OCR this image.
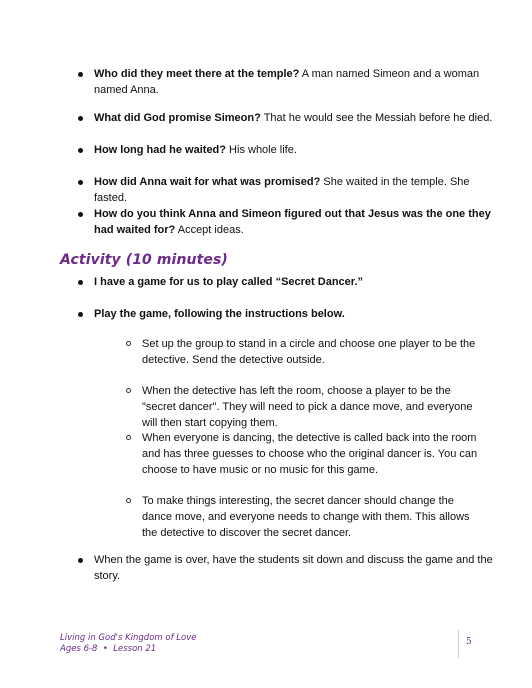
Who did they meet there at the temple? A man named Simeon and a woman named Anna.
What did God promise Simeon? That he would see the Messiah before he died.
How long had he waited? His whole life.
How did Anna wait for what was promised? She waited in the temple. She fasted.
How do you think Anna and Simeon figured out that Jesus was the one they had waited for? Accept ideas.
Activity (10 minutes)
I have a game for us to play called “Secret Dancer.”
Play the game, following the instructions below.
Set up the group to stand in a circle and choose one player to be the detective. Send the detective outside.
When the detective has left the room, choose a player to be the "secret dancer". They will need to pick a dance move, and everyone will then start copying them.
When everyone is dancing, the detective is called back into the room and has three guesses to choose who the original dancer is. You can choose to have music or no music for this game.
To make things interesting, the secret dancer should change the dance move, and everyone needs to change with them. This allows the detective to discover the secret dancer.
When the game is over, have the students sit down and discuss the game and the story.
Living in God's Kingdom of Love
Ages 6-8  •  Lesson 21
5
